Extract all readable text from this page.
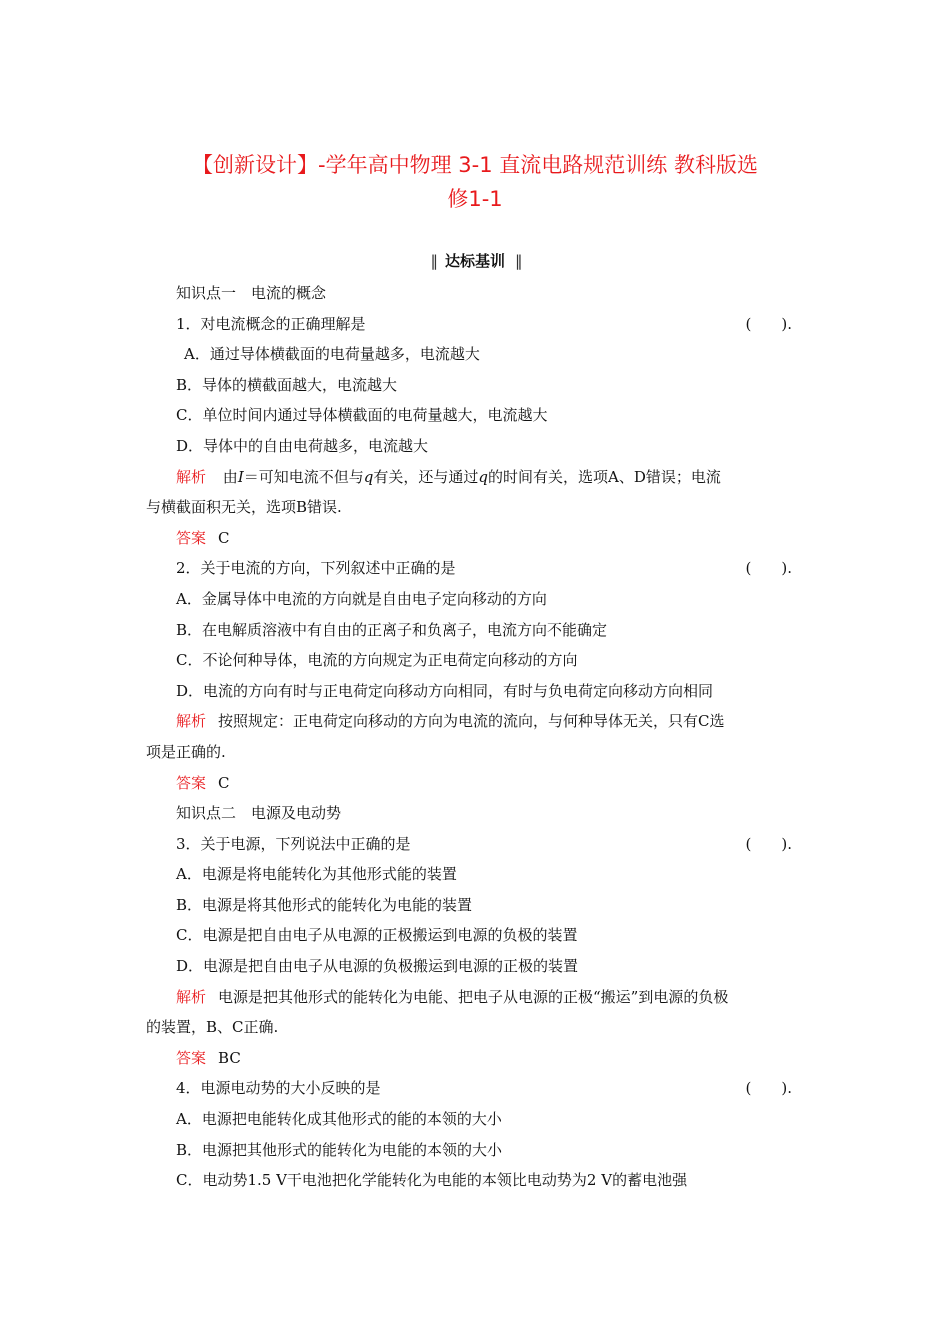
【创新设计】-学年高中物理 3-1 直流电路规范训练 教科版选
修1-1
‖ 达标基训 ‖
知识点一　电流的概念
1．对电流概念的正确理解是	(　　).
A．通过导体横截面的电荷量越多，电流越大
B．导体的横截面越大，电流越大
C．单位时间内通过导体横截面的电荷量越大，电流越大
D．导体中的自由电荷越多，电流越大
解析 由I＝可知电流不但与q有关，还与通过q的时间有关，选项A、D错误；电流
与横截面积无关，选项B错误.
答案 C
2．关于电流的方向，下列叙述中正确的是	(　　).
A．金属导体中电流的方向就是自由电子定向移动的方向
B．在电解质溶液中有自由的正离子和负离子，电流方向不能确定
C．不论何种导体，电流的方向规定为正电荷定向移动的方向
D．电流的方向有时与正电荷定向移动方向相同，有时与负电荷定向移动方向相同
解析 按照规定：正电荷定向移动的方向为电流的流向，与何种导体无关，只有C选
项是正确的.
答案 C
知识点二　电源及电动势
3．关于电源，下列说法中正确的是	(　　).
A．电源是将电能转化为其他形式能的装置
B．电源是将其他形式的能转化为电能的装置
C．电源是把自由电子从电源的正极搬运到电源的负极的装置
D．电源是把自由电子从电源的负极搬运到电源的正极的装置
解析 电源是把其他形式的能转化为电能、把电子从电源的正极“搬运”到电源的负极
的装置，B、C正确.
答案 BC
4．电源电动势的大小反映的是	(　　).
A．电源把电能转化成其他形式的能的本领的大小
B．电源把其他形式的能转化为电能的本领的大小
C．电动势1.5 V干电池把化学能转化为电能的本领比电动势为2 V的蓄电池强
